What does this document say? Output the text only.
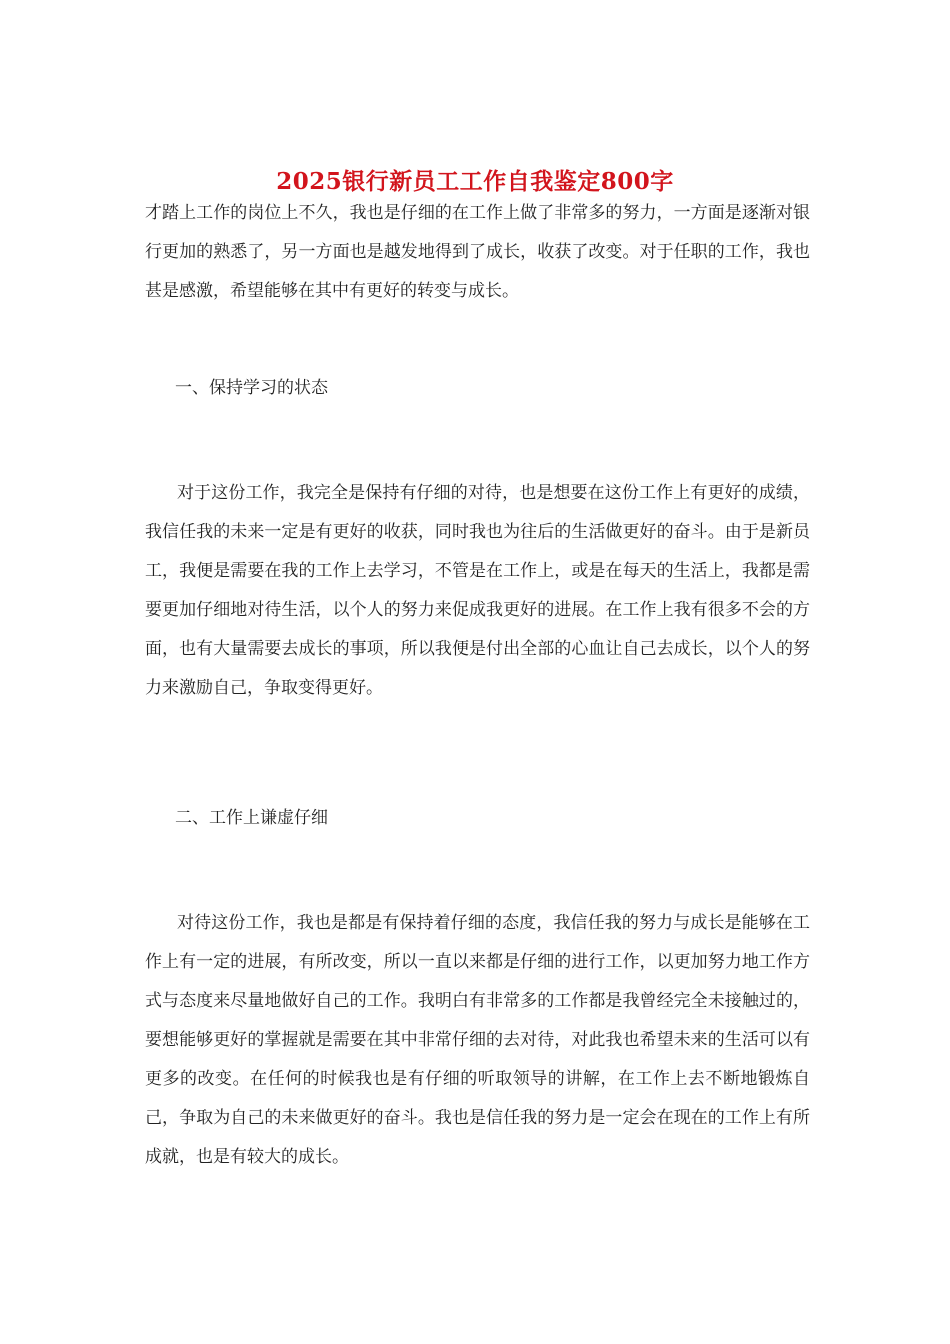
2025银行新员工工作自我鉴定800字

才踏上工作的岗位上不久，我也是仔细的在工作上做了非常多的努力，一方面是逐渐对银行更加的熟悉了，另一方面也是越发地得到了成长，收获了改变。对于任职的工作，我也甚是感激，希望能够在其中有更好的转变与成长。

一、保持学习的状态

对于这份工作，我完全是保持有仔细的对待，也是想要在这份工作上有更好的成绩，我信任我的未来一定是有更好的收获，同时我也为往后的生活做更好的奋斗。由于是新员工，我便是需要在我的工作上去学习，不管是在工作上，或是在每天的生活上，我都是需要更加仔细地对待生活，以个人的努力来促成我更好的进展。在工作上我有很多不会的方面，也有大量需要去成长的事项，所以我便是付出全部的心血让自己去成长，以个人的努力来激励自己，争取变得更好。

二、工作上谦虚仔细

对待这份工作，我也是都是有保持着仔细的态度，我信任我的努力与成长是能够在工作上有一定的进展，有所改变，所以一直以来都是仔细的进行工作，以更加努力地工作方式与态度来尽量地做好自己的工作。我明白有非常多的工作都是我曾经完全未接触过的，要想能够更好的掌握就是需要在其中非常仔细的去对待，对此我也希望未来的生活可以有更多的改变。在任何的时候我也是有仔细的听取领导的讲解，在工作上去不断地锻炼自己，争取为自己的未来做更好的奋斗。我也是信任我的努力是一定会在现在的工作上有所成就，也是有较大的成长。
